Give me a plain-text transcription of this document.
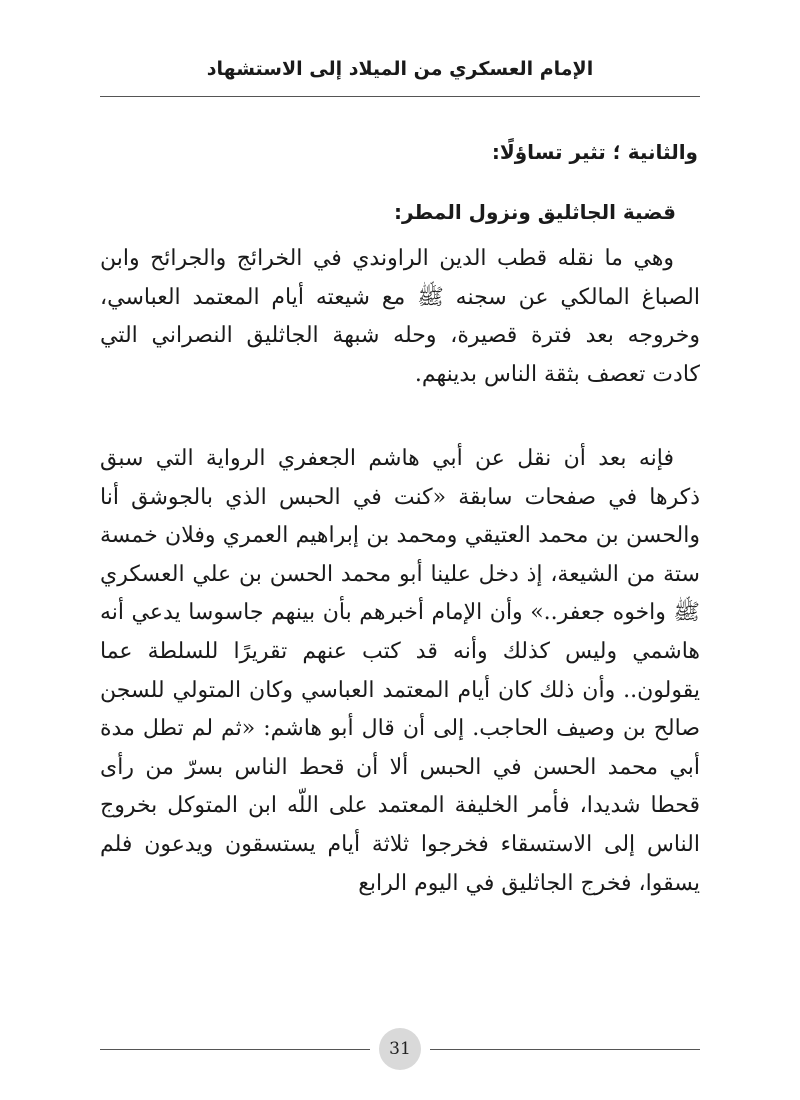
الإمام العسكري من الميلاد إلى الاستشهاد
والثانية ؛ تثير تساؤلًا:
قضية الجاثليق ونزول المطر:

وهي ما نقله قطب الدين الراوندي في الخرائج والجرائح وابن الصباغ المالكي عن سجنه ﷺ مع شيعته أيام المعتمد العباسي، وخروجه بعد فترة قصيرة، وحله شبهة الجاثليق النصراني التي كادت تعصف بثقة الناس بدينهم.

فإنه بعد أن نقل عن أبي هاشم الجعفري الرواية التي سبق ذكرها في صفحات سابقة «كنت في الحبس الذي بالجوشق أنا والحسن بن محمد العتيقي ومحمد بن إبراهيم العمري وفلان خمسة ستة من الشيعة، إذ دخل علينا أبو محمد الحسن بن علي العسكري ﷺ واخوه جعفر..» وأن الإمام أخبرهم بأن بينهم جاسوسا يدعي أنه هاشمي وليس كذلك وأنه قد كتب عنهم تقريرًا للسلطة عما يقولون.. وأن ذلك كان أيام المعتمد العباسي وكان المتولي للسجن صالح بن وصيف الحاجب. إلى أن قال أبو هاشم: «ثم لم تطل مدة أبي محمد الحسن في الحبس ألا أن قحط الناس بسرّ من رأى قحطا شديدا، فأمر الخليفة المعتمد على اللّه ابن المتوكل بخروج الناس إلى الاستسقاء فخرجوا ثلاثة أيام يستسقون ويدعون فلم يسقوا، فخرج الجاثليق في اليوم الرابع

31
